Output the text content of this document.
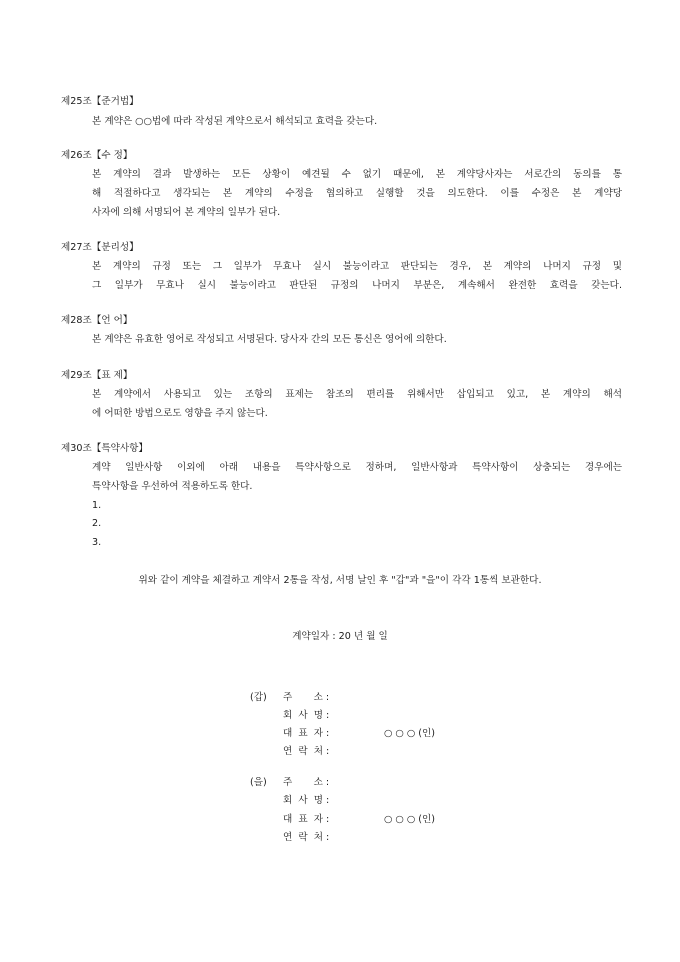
제25조【준거법】
본 계약은 ○○법에 따라 작성된 계약으로서 해석되고 효력을 갖는다.
제26조【수 정】
본 계약의 결과 발생하는 모든 상황이 예견될 수 없기 때문에, 본 계약당사자는 서로간의 동의를 통
해 적절하다고 생각되는 본 계약의 수정을 협의하고 실행할 것을 의도한다. 이를 수정은 본 계약당
사자에 의해 서명되어 본 계약의 일부가 된다.
제27조【분리성】
본 계약의 규정 또는 그 일부가 무효나 실시 불능이라고 판단되는 경우, 본 계약의 나머지 규정 및
그 일부가 무효나 실시 불능이라고 판단된 규정의 나머지 부분은, 계속해서 완전한 효력을 갖는다.
제28조【언 어】
본 계약은 유효한 영어로 작성되고 서명된다. 당사자 간의 모든 통신은 영어에 의한다.
제29조【표 제】
본 계약에서 사용되고 있는 조항의 표제는 참조의 편리를 위해서만 삽입되고 있고, 본 계약의 해석
에 어떠한 방법으로도 영향을 주지 않는다.
제30조【특약사항】
계약 일반사항 이외에 아래 내용을 특약사항으로 정하며, 일반사항과 특약사항이 상충되는 경우에는
특약사항을 우선하여 적용하도록 한다.
1.
2.
3.
위와 같이 계약을 체결하고 계약서 2통을 작성, 서명 날인 후 "갑"과 "을"이 각각 1통씩 보관한다.
계약일자 : 20 년 월 일
(갑) 주       소 :
회  사  명 :
대  표  자 :	○ ○ ○ (인)
연  락  처 :
(을) 주       소 :
회  사  명 :
대  표  자 :	○ ○ ○ (인)
연  락  처 :
